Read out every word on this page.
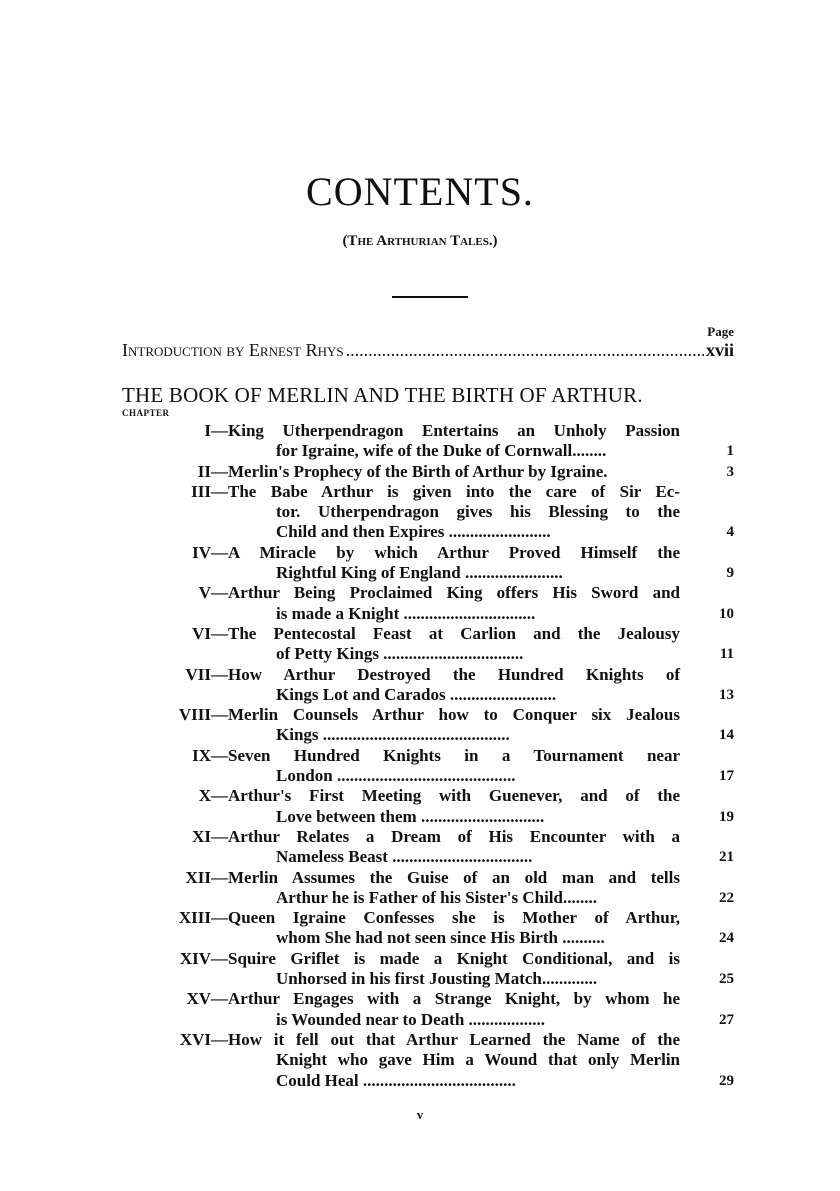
CONTENTS.
(The Arthurian Tales.)
Page
Introduction by Ernest Rhys .....	xvii
THE BOOK OF MERLIN AND THE BIRTH OF ARTHUR.
CHAPTER
I— King Utherpendragon Entertains an Unholy Passion
for Igraine, wife of the Duke of Cornwall........	1
II— Merlin's Prophecy of the Birth of Arthur by Igraine.	3
III— The Babe Arthur is given into the care of Sir Ec-
tor. Utherpendragon gives his Blessing to the
Child and then Expires ........................	4
IV— A Miracle by which Arthur Proved Himself the
Rightful King of England .......................	9
V— Arthur Being Proclaimed King offers His Sword and
is made a Knight ...............................	10
VI— The Pentecostal Feast at Carlion and the Jealousy
of Petty Kings .................................	11
VII— How Arthur Destroyed the Hundred Knights of
Kings Lot and Carados .........................	13
VIII— Merlin Counsels Arthur how to Conquer six Jealous
Kings ............................................	14
IX— Seven Hundred Knights in a Tournament near
London ..........................................	17
X— Arthur's First Meeting with Guenever, and of the
Love between them .............................	19
XI— Arthur Relates a Dream of His Encounter with a
Nameless Beast .................................	21
XII— Merlin Assumes the Guise of an old man and tells
Arthur he is Father of his Sister's Child........	22
XIII— Queen Igraine Confesses she is Mother of Arthur,
whom She had not seen since His Birth ..........	24
XIV— Squire Griflet is made a Knight Conditional, and is
Unhorsed in his first Jousting Match.............	25
XV— Arthur Engages with a Strange Knight, by whom he
is Wounded near to Death ..................	27
XVI— How it fell out that Arthur Learned the Name of the
Knight who gave Him a Wound that only Merlin
Could Heal ....................................	29
v
